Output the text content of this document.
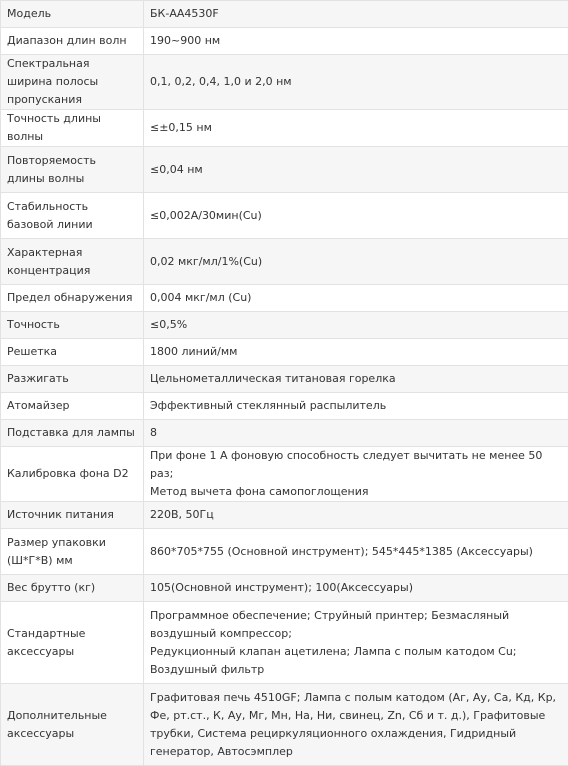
Модель	БК-АА4530F

Диапазон длин волн	190~900 нм

Спектральная ширина полосы пропускания	0,1, 0,2, 0,4, 1,0 и 2,0 нм

Точность длины волны	≤±0,15 нм

Повторяемость длины волны	≤0,04 нм

Стабильность базовой линии	≤0,002A/30мин(Cu)

Характерная концентрация	0,02 мкг/мл/1%(Cu)

Предел обнаружения	0,004 мкг/мл (Cu)

Точность	≤0,5%

Решетка	1800 линий/мм

Разжигать	Цельнометаллическая титановая горелка

Атомайзер	Эффективный стеклянный распылитель

Подставка для лампы	8

Калибровка фона D2	При фоне 1 А фоновую способность следует вычитать не менее 50 раз;
Метод вычета фона самопоглощения

Источник питания	220В, 50Гц

Размер упаковки (Ш*Г*В) мм	860*705*755 (Основной инструмент); 545*445*1385 (Аксессуары)

Вес брутто (кг)	105(Основной инструмент); 100(Аксессуары)

Стандартные аксессуары	Программное обеспечение; Струйный принтер; Безмасляный воздушный компрессор;
Редукционный клапан ацетилена; Лампа с полым катодом Cu; Воздушный фильтр

Дополнительные аксессуары	Графитовая печь 4510GF; Лампа с полым катодом (Аг, Ау, Са, Кд, Кр, Фе, рт.ст., К, Ау, Мг, Мн, На, Ни, свинец, Zn, Сб и т. д.), Графитовые трубки, Система рециркуляционного охлаждения, Гидридный генератор, Автосэмплер
